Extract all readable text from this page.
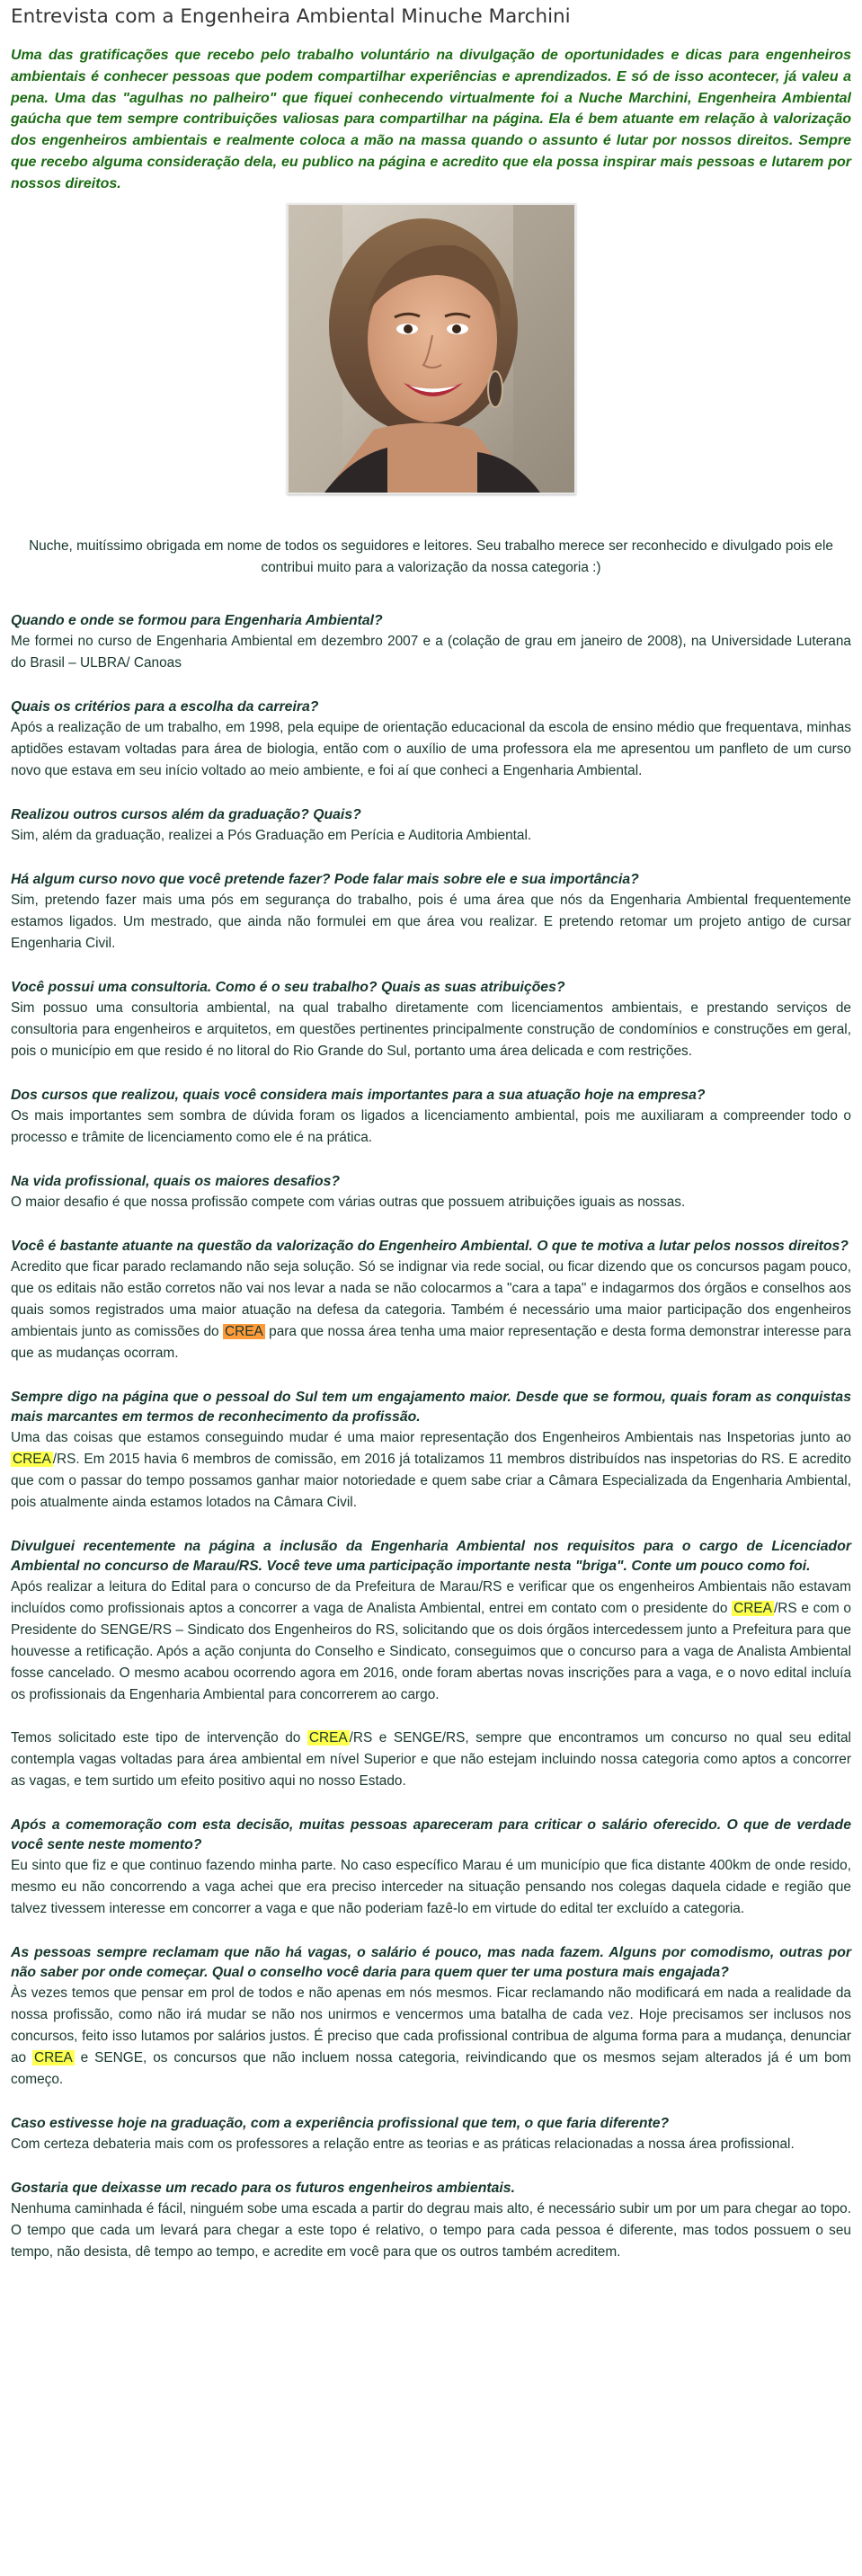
Entrevista com a Engenheira Ambiental Minuche Marchini

Uma das gratificações que recebo pelo trabalho voluntário na divulgação de oportunidades e dicas para engenheiros ambientais é conhecer pessoas que podem compartilhar experiências e aprendizados. E só de isso acontecer, já valeu a pena. Uma das "agulhas no palheiro" que fiquei conhecendo virtualmente foi a Nuche Marchini, Engenheira Ambiental gaúcha que tem sempre contribuições valiosas para compartilhar na página. Ela é bem atuante em relação à valorização dos engenheiros ambientais e realmente coloca a mão na massa quando o assunto é lutar por nossos direitos. Sempre que recebo alguma consideração dela, eu publico na página e acredito que ela possa inspirar mais pessoas e lutarem por nossos direitos.

Nuche, muitíssimo obrigada em nome de todos os seguidores e leitores. Seu trabalho merece ser reconhecido e divulgado pois ele contribui muito para a valorização da nossa categoria :)

Quando e onde se formou para Engenharia Ambiental?

Me formei no curso de Engenharia Ambiental em dezembro 2007 e a (colação de grau em janeiro de 2008), na Universidade Luterana do Brasil – ULBRA/ Canoas

Quais os critérios para a escolha da carreira?

Após a realização de um trabalho, em 1998, pela equipe de orientação educacional da escola de ensino médio que frequentava, minhas aptidões estavam voltadas para área de biologia, então com o auxílio de uma professora ela me apresentou um panfleto de um curso novo que estava em seu início voltado ao meio ambiente, e foi aí que conheci a Engenharia Ambiental.

Realizou outros cursos além da graduação? Quais?

Sim, além da graduação, realizei a Pós Graduação em Perícia e Auditoria Ambiental.

Há algum curso novo que você pretende fazer? Pode falar mais sobre ele e sua importância?

Sim, pretendo fazer mais uma pós em segurança do trabalho, pois é uma área que nós da Engenharia Ambiental frequentemente estamos ligados. Um mestrado, que ainda não formulei em que área vou realizar. E pretendo retomar um projeto antigo de cursar Engenharia Civil.

Você possui uma consultoria. Como é o seu trabalho? Quais as suas atribuições?

Sim possuo uma consultoria ambiental, na qual trabalho diretamente com licenciamentos ambientais, e prestando serviços de consultoria para engenheiros e arquitetos, em questões pertinentes principalmente construção de condomínios e construções em geral, pois o município em que resido é no litoral do Rio Grande do Sul, portanto uma área delicada e com restrições.

Dos cursos que realizou, quais você considera mais importantes para a sua atuação hoje na empresa?

Os mais importantes sem sombra de dúvida foram os ligados a licenciamento ambiental, pois me auxiliaram a compreender todo o processo e trâmite de licenciamento como ele é na prática.

Na vida profissional, quais os maiores desafios?

O maior desafio é que nossa profissão compete com várias outras que possuem atribuições iguais as nossas.

Você é bastante atuante na questão da valorização do Engenheiro Ambiental. O que te motiva a lutar pelos nossos direitos?

Acredito que ficar parado reclamando não seja solução. Só se indignar via rede social, ou ficar dizendo que os concursos pagam pouco, que os editais não estão corretos não vai nos levar a nada se não colocarmos a "cara a tapa" e indagarmos dos órgãos e conselhos aos quais somos registrados uma maior atuação na defesa da categoria. Também é necessário uma maior participação dos engenheiros ambientais junto as comissões do CREA para que nossa área tenha uma maior representação e desta forma demonstrar interesse para que as mudanças ocorram.

Sempre digo na página que o pessoal do Sul tem um engajamento maior. Desde que se formou, quais foram as conquistas mais marcantes em termos de reconhecimento da profissão.

Uma das coisas que estamos conseguindo mudar é uma maior representação dos Engenheiros Ambientais nas Inspetorias junto ao CREA /RS. Em 2015 havia 6 membros de comissão, em 2016 já totalizamos 11 membros distribuídos nas inspetorias do RS. E acredito que com o passar do tempo possamos ganhar maior notoriedade e quem sabe criar a Câmara Especializada da Engenharia Ambiental, pois atualmente ainda estamos lotados na Câmara Civil.

Divulguei recentemente na página a inclusão da Engenharia Ambiental nos requisitos para o cargo de Licenciador Ambiental no concurso de Marau/RS. Você teve uma participação importante nesta "briga". Conte um pouco como foi.

Após realizar a leitura do Edital para o concurso de da Prefeitura de Marau/RS e verificar que os engenheiros Ambientais não estavam incluídos como profissionais aptos a concorrer a vaga de Analista Ambiental, entrei em contato com o presidente do CREA /RS e com o Presidente do SENGE/RS – Sindicato dos Engenheiros do RS, solicitando que os dois órgãos intercedessem junto a Prefeitura para que houvesse a retificação. Após a ação conjunta do Conselho e Sindicato, conseguimos que o concurso para a vaga de Analista Ambiental fosse cancelado. O mesmo acabou ocorrendo agora em 2016, onde foram abertas novas inscrições para a vaga, e o novo edital incluía os profissionais da Engenharia Ambiental para concorrerem ao cargo.

Temos solicitado este tipo de intervenção do CREA /RS e SENGE/RS, sempre que encontramos um concurso no qual seu edital contempla vagas voltadas para área ambiental em nível Superior e que não estejam incluindo nossa categoria como aptos a concorrer as vagas, e tem surtido um efeito positivo aqui no nosso Estado.

Após a comemoração com esta decisão, muitas pessoas apareceram para criticar o salário oferecido. O que de verdade você sente neste momento?

Eu sinto que fiz e que continuo fazendo minha parte. No caso específico Marau é um município que fica distante 400km de onde resido, mesmo eu não concorrendo a vaga achei que era preciso interceder na situação pensando nos colegas daquela cidade e região que talvez tivessem interesse em concorrer a vaga e que não poderiam fazê-lo em virtude do edital ter excluído a categoria.

As pessoas sempre reclamam que não há vagas, o salário é pouco, mas nada fazem. Alguns por comodismo, outras por não saber por onde começar. Qual o conselho você daria para quem quer ter uma postura mais engajada?

Às vezes temos que pensar em prol de todos e não apenas em nós mesmos. Ficar reclamando não modificará em nada a realidade da nossa profissão, como não irá mudar se não nos unirmos e vencermos uma batalha de cada vez. Hoje precisamos ser inclusos nos concursos, feito isso lutamos por salários justos. É preciso que cada profissional contribua de alguma forma para a mudança, denunciar ao CREA e SENGE, os concursos que não incluem nossa categoria, reivindicando que os mesmos sejam alterados já é um bom começo.

Caso estivesse hoje na graduação, com a experiência profissional que tem, o que faria diferente?

Com certeza debateria mais com os professores a relação entre as teorias e as práticas relacionadas a nossa área profissional.

Gostaria que deixasse um recado para os futuros engenheiros ambientais.

Nenhuma caminhada é fácil, ninguém sobe uma escada a partir do degrau mais alto, é necessário subir um por um para chegar ao topo. O tempo que cada um levará para chegar a este topo é relativo, o tempo para cada pessoa é diferente, mas todos possuem o seu tempo, não desista, dê tempo ao tempo, e acredite em você para que os outros também acreditem.
